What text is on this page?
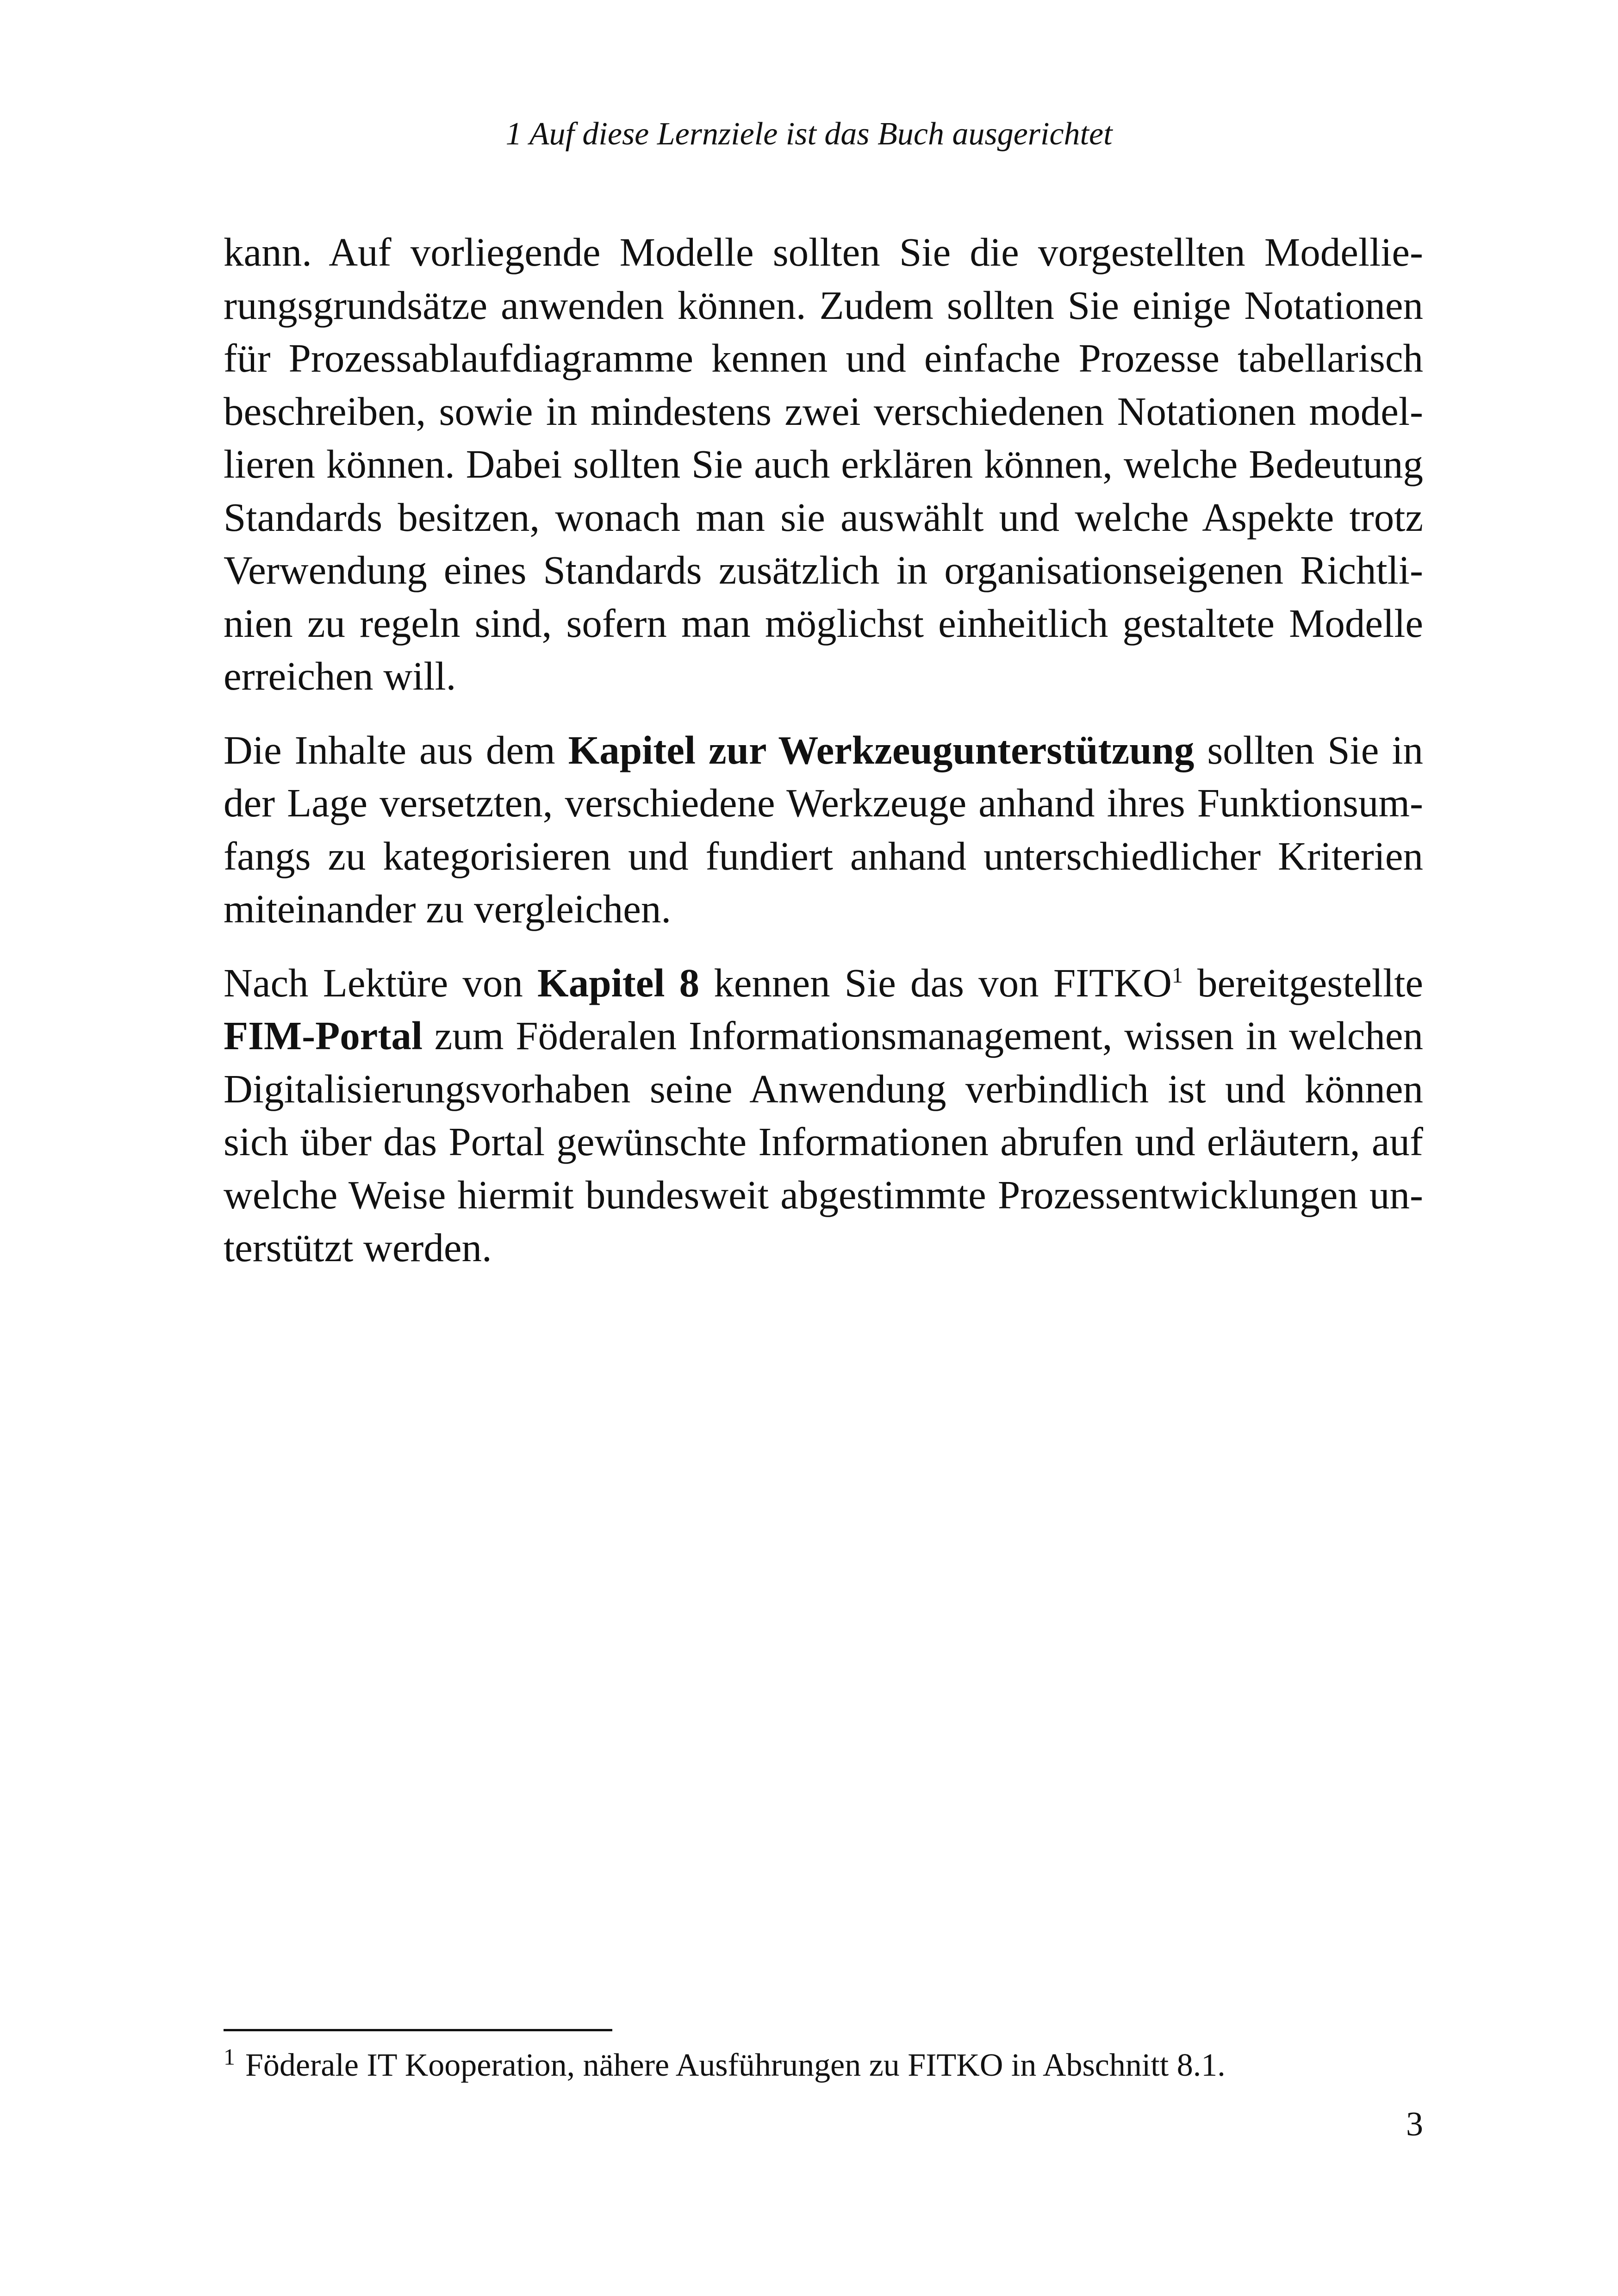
1 Auf diese Lernziele ist das Buch ausgerichtet

kann. Auf vorliegende Modelle sollten Sie die vorgestellten Modellierungsgrundsätze anwenden können. Zudem sollten Sie einige Notationen für Prozessablaufdiagramme kennen und einfache Prozesse tabellarisch beschreiben, sowie in mindestens zwei verschiedenen Notationen modellieren können. Dabei sollten Sie auch erklären können, welche Bedeutung Standards besitzen, wonach man sie auswählt und welche Aspekte trotz Verwendung eines Standards zusätzlich in organisationseigenen Richtlinien zu regeln sind, sofern man möglichst einheitlich gestaltete Modelle erreichen will.

Die Inhalte aus dem Kapitel zur Werkzeugunterstützung sollten Sie in der Lage versetzten, verschiedene Werkzeuge anhand ihres Funktionsumfangs zu kategorisieren und fundiert anhand unterschiedlicher Kriterien miteinander zu vergleichen.

Nach Lektüre von Kapitel 8 kennen Sie das von FITKO$^1$ bereitgestellte FIM-Portal zum Föderalen Informationsmanagement, wissen in welchen Digitalisierungsvorhaben seine Anwendung verbindlich ist und können sich über das Portal gewünschte Informationen abrufen und erläutern, auf welche Weise hiermit bundesweit abgestimmte Prozessentwicklungen unterstützt werden.

$^1$ Föderale IT Kooperation, nähere Ausführungen zu FITKO in Abschnitt 8.1.
3
